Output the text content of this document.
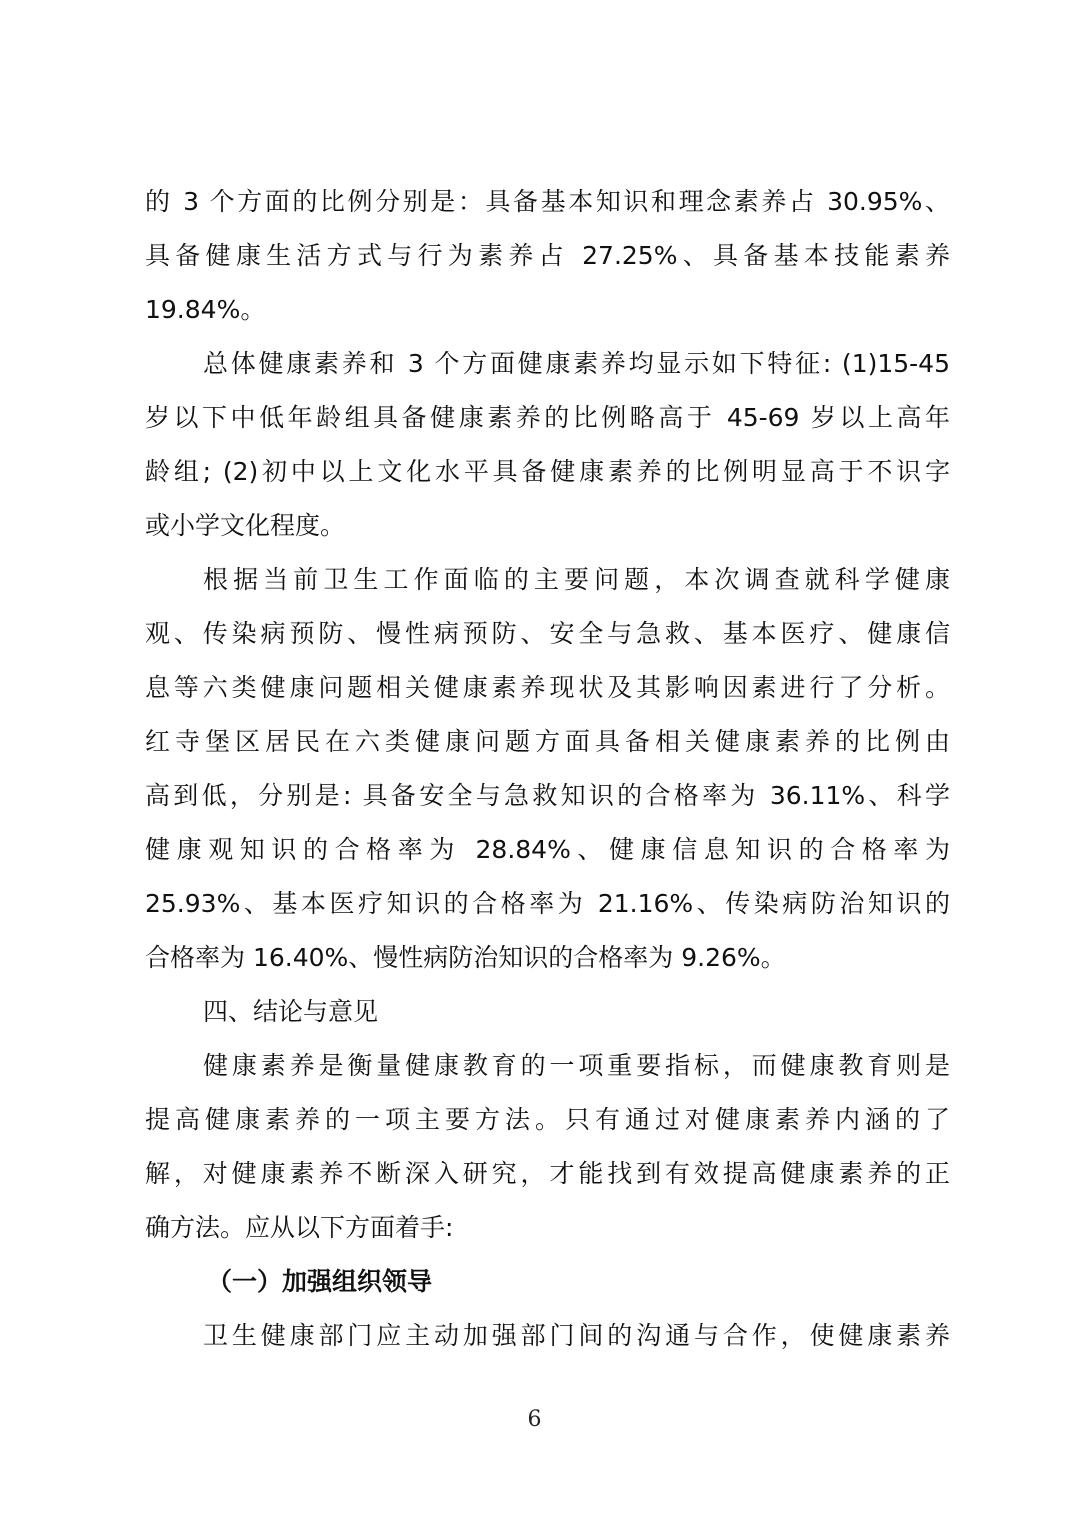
的 3 个方面的比例分别是：具备基本知识和理念素养占 30.95%、
具备健康生活方式与行为素养占 27.25%、具备基本技能素养
19.84%。
总体健康素养和 3 个方面健康素养均显示如下特征: (1)15-45
岁以下中低年龄组具备健康素养的比例略高于 45-69 岁以上高年
龄组; (2)初中以上文化水平具备健康素养的比例明显高于不识字
或小学文化程度。
根据当前卫生工作面临的主要问题，本次调查就科学健康
观、传染病预防、慢性病预防、安全与急救、基本医疗、健康信
息等六类健康问题相关健康素养现状及其影响因素进行了分析。
红寺堡区居民在六类健康问题方面具备相关健康素养的比例由
高到低，分别是: 具备安全与急救知识的合格率为 36.11%、科学
健康观知识的合格率为 28.84%、健康信息知识的合格率为
25.93%、基本医疗知识的合格率为 21.16%、传染病防治知识的
合格率为 16.40%、慢性病防治知识的合格率为 9.26%。
四、结论与意见
健康素养是衡量健康教育的一项重要指标，而健康教育则是
提高健康素养的一项主要方法。只有通过对健康素养内涵的了
解，对健康素养不断深入研究，才能找到有效提高健康素养的正
确方法。应从以下方面着手:
（一）加强组织领导
卫生健康部门应主动加强部门间的沟通与合作，使健康素养
6
